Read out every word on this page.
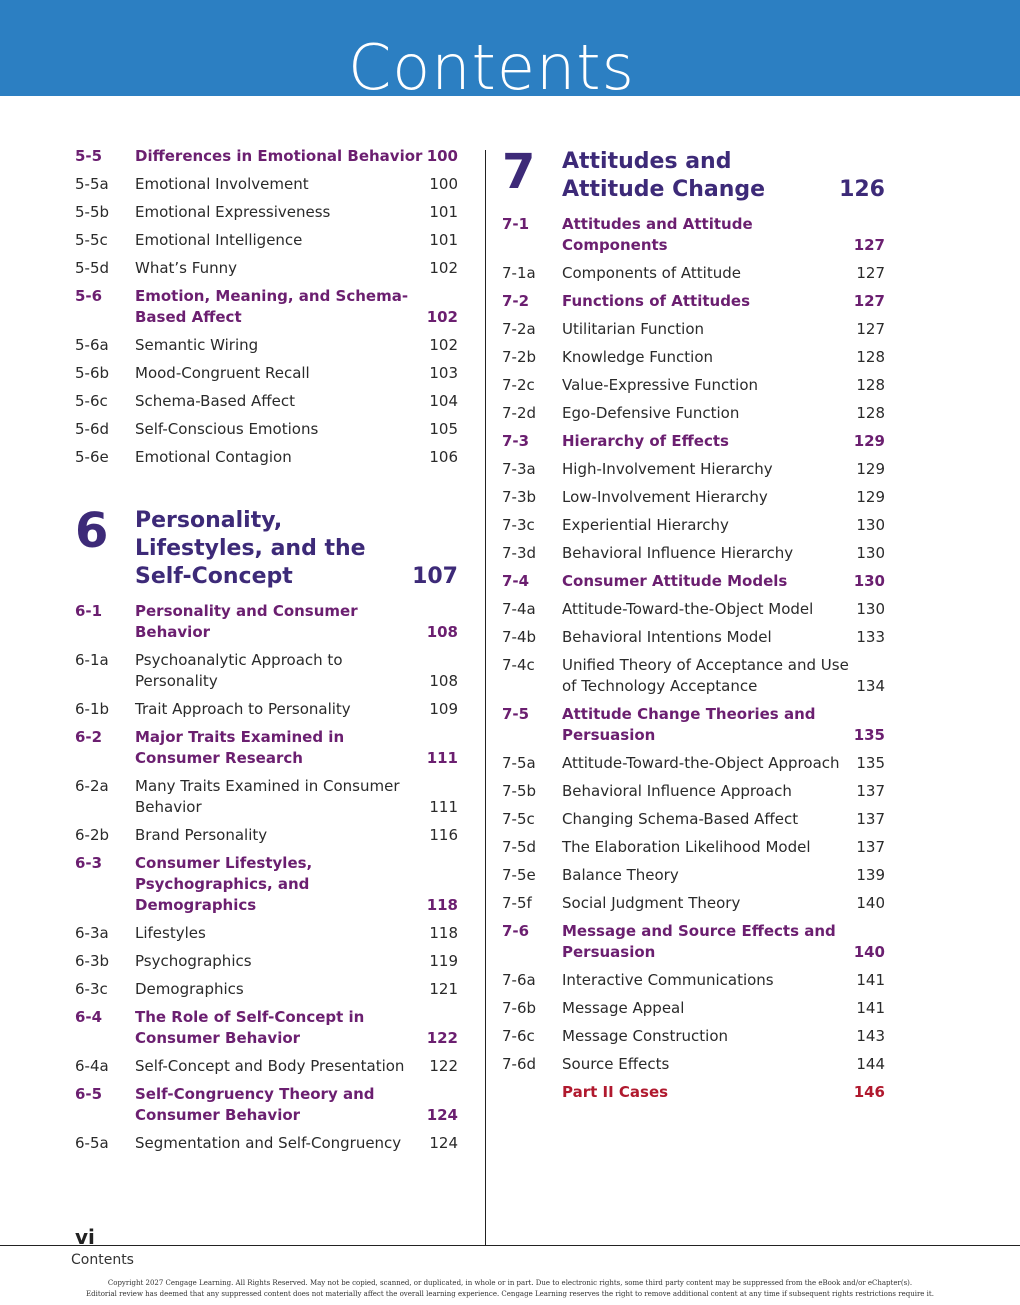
Contents
5-5	Differences in Emotional Behavior 100
5-5a	Emotional Involvement	100
5-5b	Emotional Expressiveness	101
5-5c	Emotional Intelligence	101
5-5d	What’s Funny	102
5-6	Emotion, Meaning, and Schema-Based Affect	102
5-6a	Semantic Wiring	102
5-6b	Mood-Congruent Recall	103
5-6c	Schema-Based Affect	104
5-6d	Self-Conscious Emotions	105
5-6e	Emotional Contagion	106
6	Personality, Lifestyles, and the Self-Concept	107
6-1	Personality and Consumer Behavior	108
6-1a	Psychoanalytic Approach to Personality	108
6-1b	Trait Approach to Personality	109
6-2	Major Traits Examined in Consumer Research	111
6-2a	Many Traits Examined in Consumer Behavior	111
6-2b	Brand Personality	116
6-3	Consumer Lifestyles, Psychographics, and Demographics	118
6-3a	Lifestyles	118
6-3b	Psychographics	119
6-3c	Demographics	121
6-4	The Role of Self-Concept in Consumer Behavior	122
6-4a	Self-Concept and Body Presentation	122
6-5	Self-Congruency Theory and Consumer Behavior	124
6-5a	Segmentation and Self-Congruency	124
7	Attitudes and Attitude Change	126
7-1	Attitudes and Attitude Components	127
7-1a	Components of Attitude	127
7-2	Functions of Attitudes	127
7-2a	Utilitarian Function	127
7-2b	Knowledge Function	128
7-2c	Value-Expressive Function	128
7-2d	Ego-Defensive Function	128
7-3	Hierarchy of Effects	129
7-3a	High-Involvement Hierarchy	129
7-3b	Low-Involvement Hierarchy	129
7-3c	Experiential Hierarchy	130
7-3d	Behavioral Influence Hierarchy	130
7-4	Consumer Attitude Models	130
7-4a	Attitude-Toward-the-Object Model	130
7-4b	Behavioral Intentions Model	133
7-4c	Unified Theory of Acceptance and Use of Technology Acceptance	134
7-5	Attitude Change Theories and Persuasion	135
7-5a	Attitude-Toward-the-Object Approach	135
7-5b	Behavioral Influence Approach	137
7-5c	Changing Schema-Based Affect	137
7-5d	The Elaboration Likelihood Model	137
7-5e	Balance Theory	139
7-5f	Social Judgment Theory	140
7-6	Message and Source Effects and Persuasion	140
7-6a	Interactive Communications	141
7-6b	Message Appeal	141
7-6c	Message Construction	143
7-6d	Source Effects	144
Part II Cases	146
vi
Contents
Copyright 2027 Cengage Learning. All Rights Reserved. May not be copied, scanned, or duplicated, in whole or in part. Due to electronic rights, some third party content may be suppressed from the eBook and/or eChapter(s).
Editorial review has deemed that any suppressed content does not materially affect the overall learning experience. Cengage Learning reserves the right to remove additional content at any time if subsequent rights restrictions require it.
